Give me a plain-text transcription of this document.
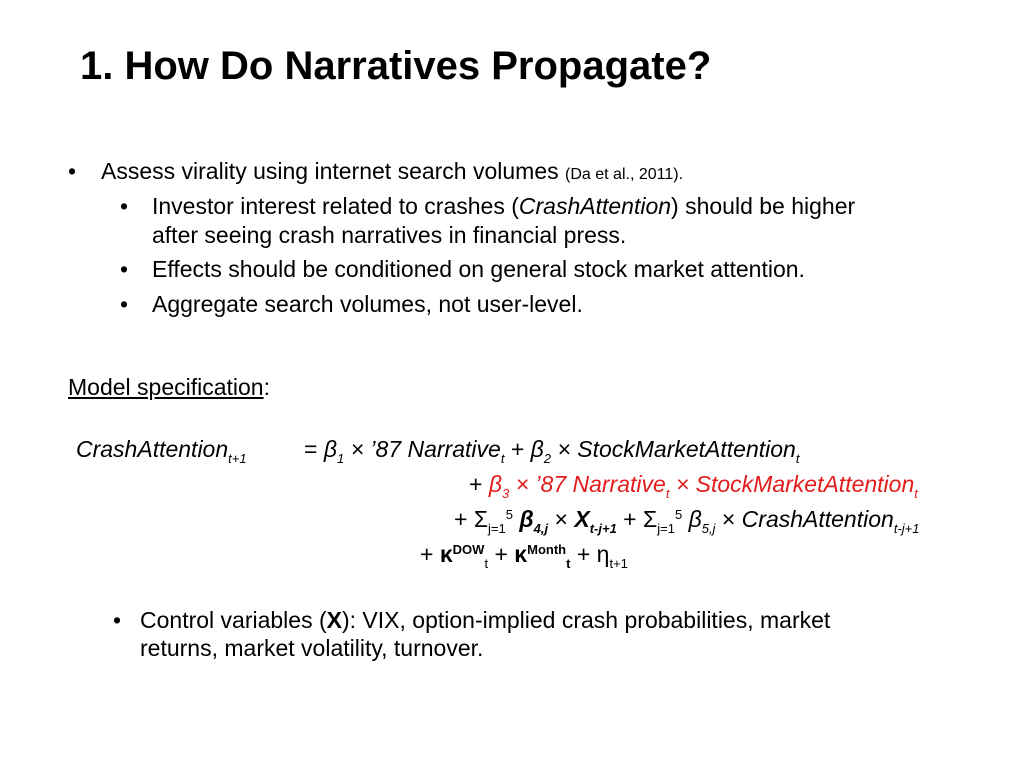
1. How Do Narratives Propagate?
• Assess virality using internet search volumes (Da et al., 2011).
• Investor interest related to crashes (CrashAttention) should be higher
after seeing crash narratives in financial press.
• Effects should be conditioned on general stock market attention.
• Aggregate search volumes, not user-level.
Model specification:
CrashAttention$_{t+1}$ = $\beta_1$ × ’87 Narrative$_t$ + $\beta_2$ × StockMarketAttention$_t$
+ $\beta_3$ × ’87 Narrative$_t$ × StockMarketAttention$_t$
+ $\Sigma_{j=1}^5$ $\beta_{4,j} \times X_{t-j+1} + \Sigma_{j=1}^5$ $\beta_{5,j}$ × CrashAttention$_{t-j+1}$
+ $\kappa^{DOW}_t + \kappa^{Month}_t + \eta_{t+1}$
• Control variables (X): VIX, option-implied crash probabilities, market
returns, market volatility, turnover.
